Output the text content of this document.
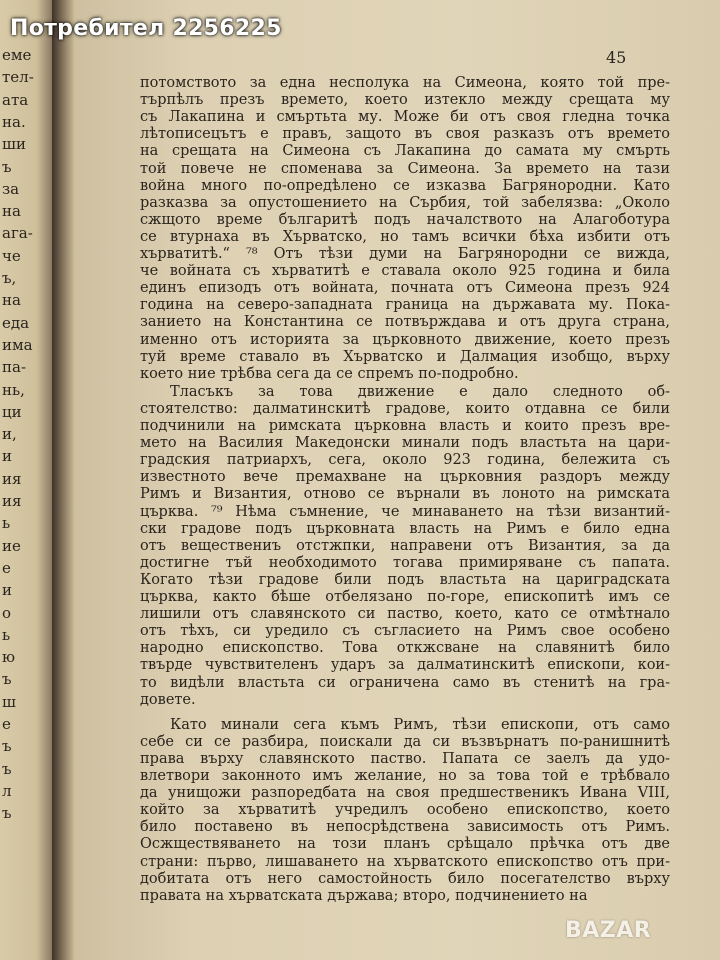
еме
тел-
ата
на.
ши
ъ
за
на
ага-
че
ъ,
на
еда
има
па-
нь,
ци
и,
и
ия
ия
ь
ие
е
и
о
ь
ю
ъ
ш
е
ъ
ъ
л
ъ
45
потомството за една несполука на Симеона, която той пре-
търпѣлъ презъ времето, което изтекло между срещата му
съ Лакапина и смъртьта му. Може би отъ своя гледна точка
лѣтописецътъ е правъ, защото въ своя разказъ отъ времето
на срещата на Симеона съ Лакапина до самата му смърть
той повече не споменава за Симеона. За времето на тази
война много по-опредѣлено се изказва Багрянородни. Като
разказва за опустошението на Сърбия, той забелязва: „Около
сжщото време българитѣ подъ началството на Алагоботура
се втурнаха въ Хърватско, но тамъ всички бѣха избити отъ
хърватитѣ.“ ⁷⁸ Отъ тѣзи думи на Багрянородни се вижда,
че войната съ хърватитѣ е ставала около 925 година и била
единъ епизодъ отъ войната, почната отъ Симеона презъ 924
година на северо-западната граница на държавата му. Пока-
занието на Константина се потвърждава и отъ друга страна,
именно отъ историята за църковното движение, което презъ
туй време ставало въ Хърватско и Далмация изобщо, върху
което ние трѣбва сега да се спремъ по-подробно.
Тласъкъ за това движение е дало следното об-
стоятелство: далматинскитѣ градове, които отдавна се били
подчинили на римската църковна власть и които презъ вре-
мето на Василия Македонски минали подъ властьта на цари-
градския патриархъ, сега, около 923 година, бележита съ
известното вече премахване на църковния раздоръ между
Римъ и Византия, отново се върнали въ лоното на римската
църква. ⁷⁹ Нѣма съмнение, че минаването на тѣзи византий-
ски градове подъ църковната власть на Римъ е било една
отъ веществениъ отстжпки, направени отъ Византия, за да
достигне тъй необходимото тогава примиряване съ папата.
Когато тѣзи градове били подъ властьта на цариградската
църква, както бѣше отбелязано по-горе, епископитѣ имъ се
лишили отъ славянското си паство, което, като се отмѣтнало
отъ тѣхъ, си уредило съ съгласието на Римъ свое особено
народно епископство. Това откжсване на славянитѣ било
твърде чувствителенъ ударъ за далматинскитѣ епископи, кои-
то видѣли властьта си ограничена само въ стенитѣ на гра-
довете.
Като минали сега къмъ Римъ, тѣзи епископи, отъ само
себе си се разбира, поискали да си възвърнатъ по-ранишнитѣ
права върху славянското паство. Папата се заелъ да удо-
влетвори законното имъ желание, но за това той е трѣбвало
да унищожи разпоредбата на своя предшественикъ Ивана VIII,
който за хърватитѣ учредилъ особено епископство, което
било поставено въ непосрѣдствена зависимость отъ Римъ.
Осжществяването на този планъ срѣщало прѣчка отъ две
страни: първо, лишаването на хърватското епископство отъ при-
добитата отъ него самостойность било посегателство върху
правата на хърватската държава; второ, подчинението на
Потребител 2256225
BAZAR
